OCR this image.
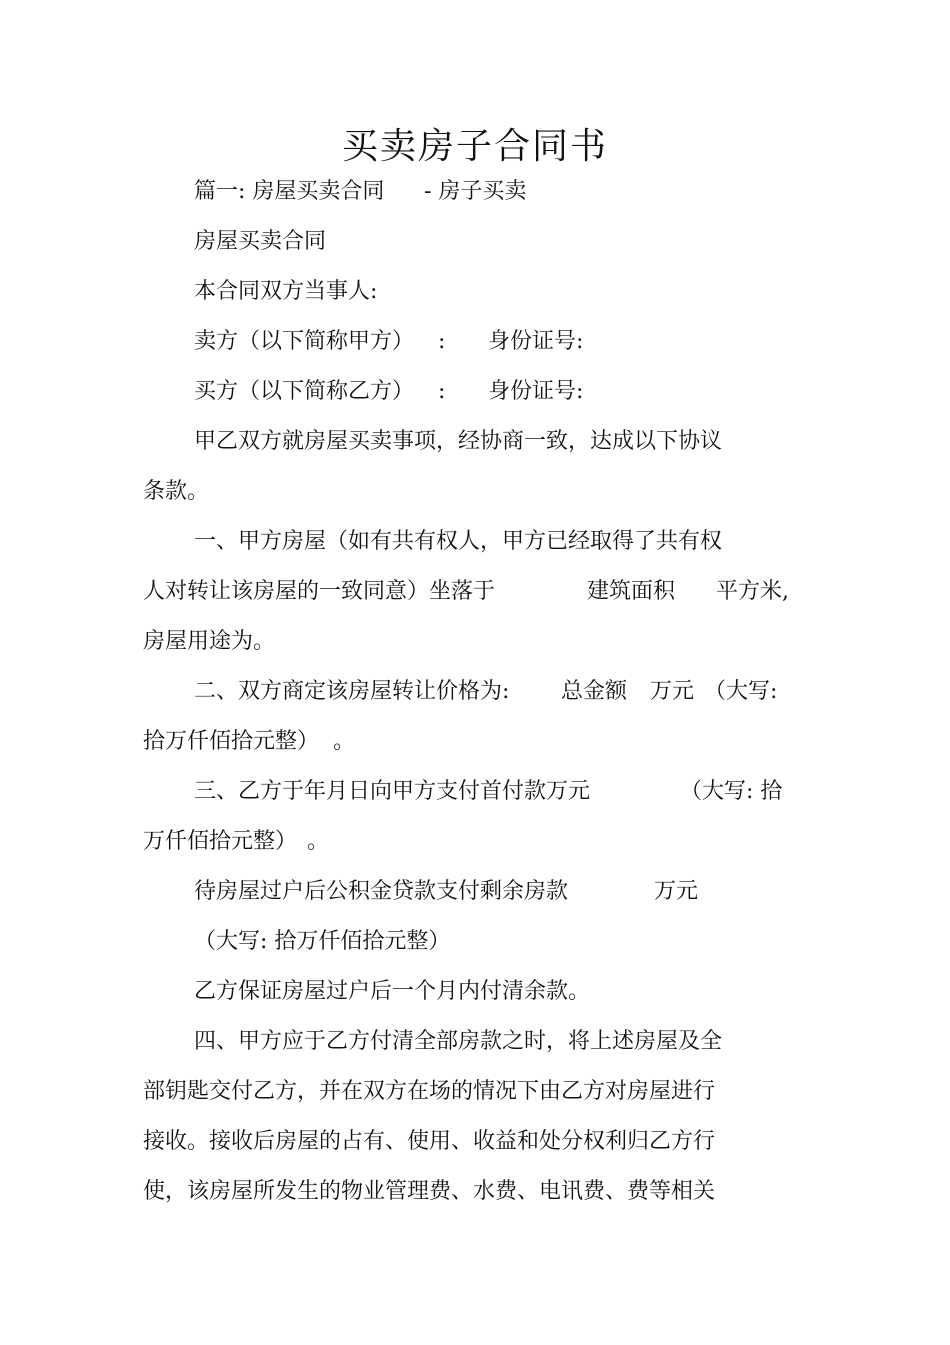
买卖房子合同书
篇一: 房屋买卖合同 - 房子买卖
房屋买卖合同
本合同双方当事人:
卖方（以下简称甲方） : 身份证号:
买方（以下简称乙方） : 身份证号:
甲乙双方就房屋买卖事项，经协商一致，达成以下协议
条款。
一、甲方房屋（如有共有权人，甲方已经取得了共有权
人对转让该房屋的一致同意）坐落于	建筑面积 平方米,
房屋用途为。
二、双方商定该房屋转让价格为: 总金额 万元 （大写:
拾万仟佰拾元整） 。
三、乙方于年月日向甲方支付首付款万元	（大写: 拾
万仟佰拾元整） 。
待房屋过户后公积金贷款支付剩余房款	万元
（大写: 拾万仟佰拾元整）
乙方保证房屋过户后一个月内付清余款。
四、甲方应于乙方付清全部房款之时，将上述房屋及全
部钥匙交付乙方，并在双方在场的情况下由乙方对房屋进行
接收。接收后房屋的占有、使用、收益和处分权利归乙方行
使，该房屋所发生的物业管理费、水费、电讯费、费等相关
